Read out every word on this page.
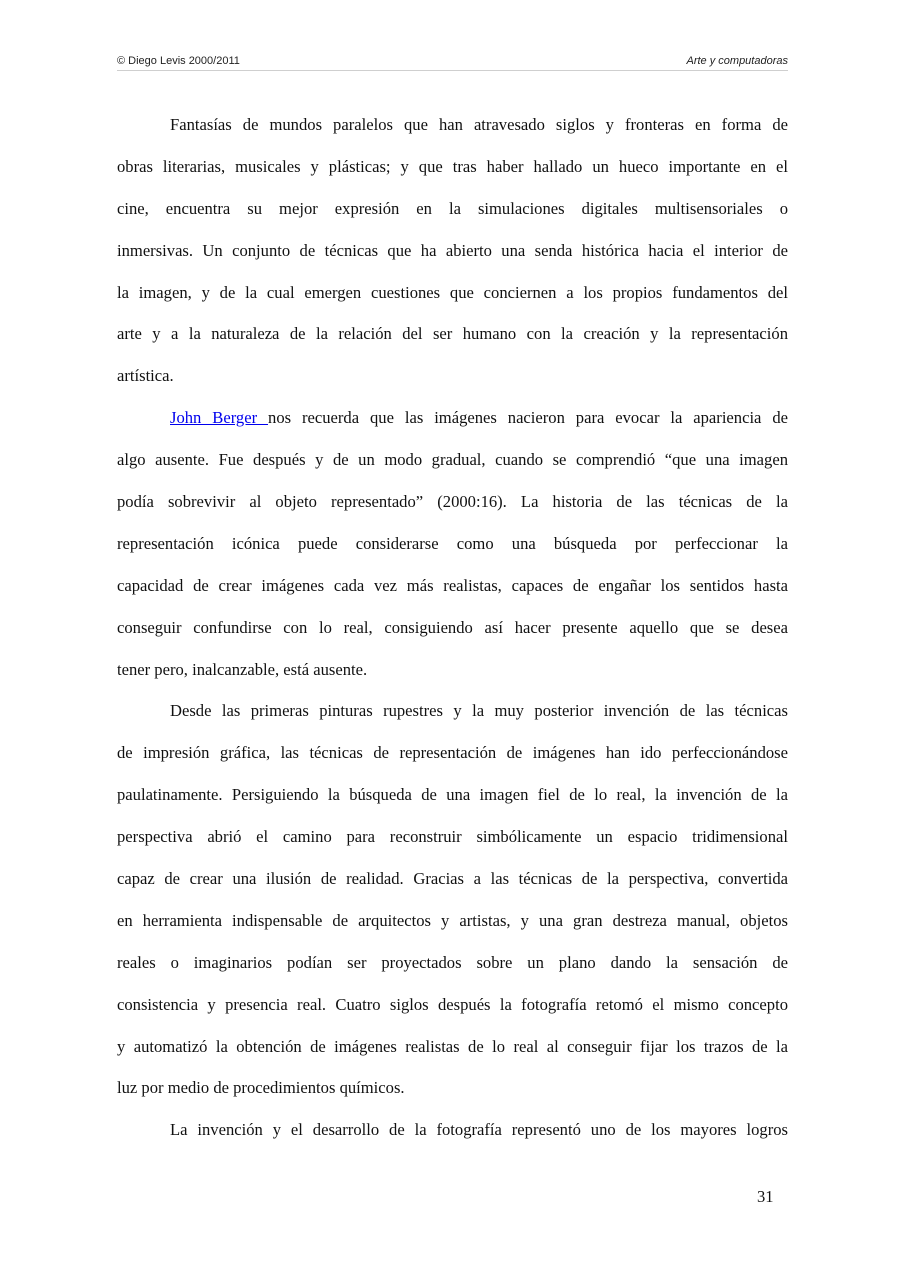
© Diego Levis 2000/2011	Arte y computadoras
Fantasías de mundos paralelos que han atravesado siglos y fronteras en forma de
obras literarias, musicales y plásticas; y que tras haber hallado un hueco importante en el
cine, encuentra su mejor expresión en la simulaciones digitales multisensoriales o
inmersivas. Un conjunto de técnicas que ha abierto una senda histórica hacia el interior de
la imagen, y de la cual emergen cuestiones que conciernen a los propios fundamentos del
arte y a la naturaleza de la relación del ser humano con la creación y la representación
artística.
John Berger nos recuerda que las imágenes nacieron para evocar la apariencia de
algo ausente. Fue después y de un modo gradual, cuando se comprendió “que una imagen
podía sobrevivir al objeto representado” (2000:16). La historia de las técnicas de la
representación icónica puede considerarse como una búsqueda por perfeccionar la
capacidad de crear imágenes cada vez más realistas, capaces de engañar los sentidos hasta
conseguir confundirse con lo real, consiguiendo así hacer presente aquello que se desea
tener pero, inalcanzable, está ausente.
Desde las primeras pinturas rupestres y la muy posterior invención de las técnicas
de impresión gráfica, las técnicas de representación de imágenes han ido perfeccionándose
paulatinamente. Persiguiendo la búsqueda de una imagen fiel de lo real, la invención de la
perspectiva abrió el camino para reconstruir simbólicamente un espacio tridimensional
capaz de crear una ilusión de realidad. Gracias a las técnicas de la perspectiva, convertida
en herramienta indispensable de arquitectos y artistas, y una gran destreza manual, objetos
reales o imaginarios podían ser proyectados sobre un plano dando la sensación de
consistencia y presencia real. Cuatro siglos después la fotografía retomó el mismo concepto
y automatizó la obtención de imágenes realistas de lo real al conseguir fijar los trazos de la
luz por medio de procedimientos químicos.
La invención y el desarrollo de la fotografía representó uno de los mayores logros
31
